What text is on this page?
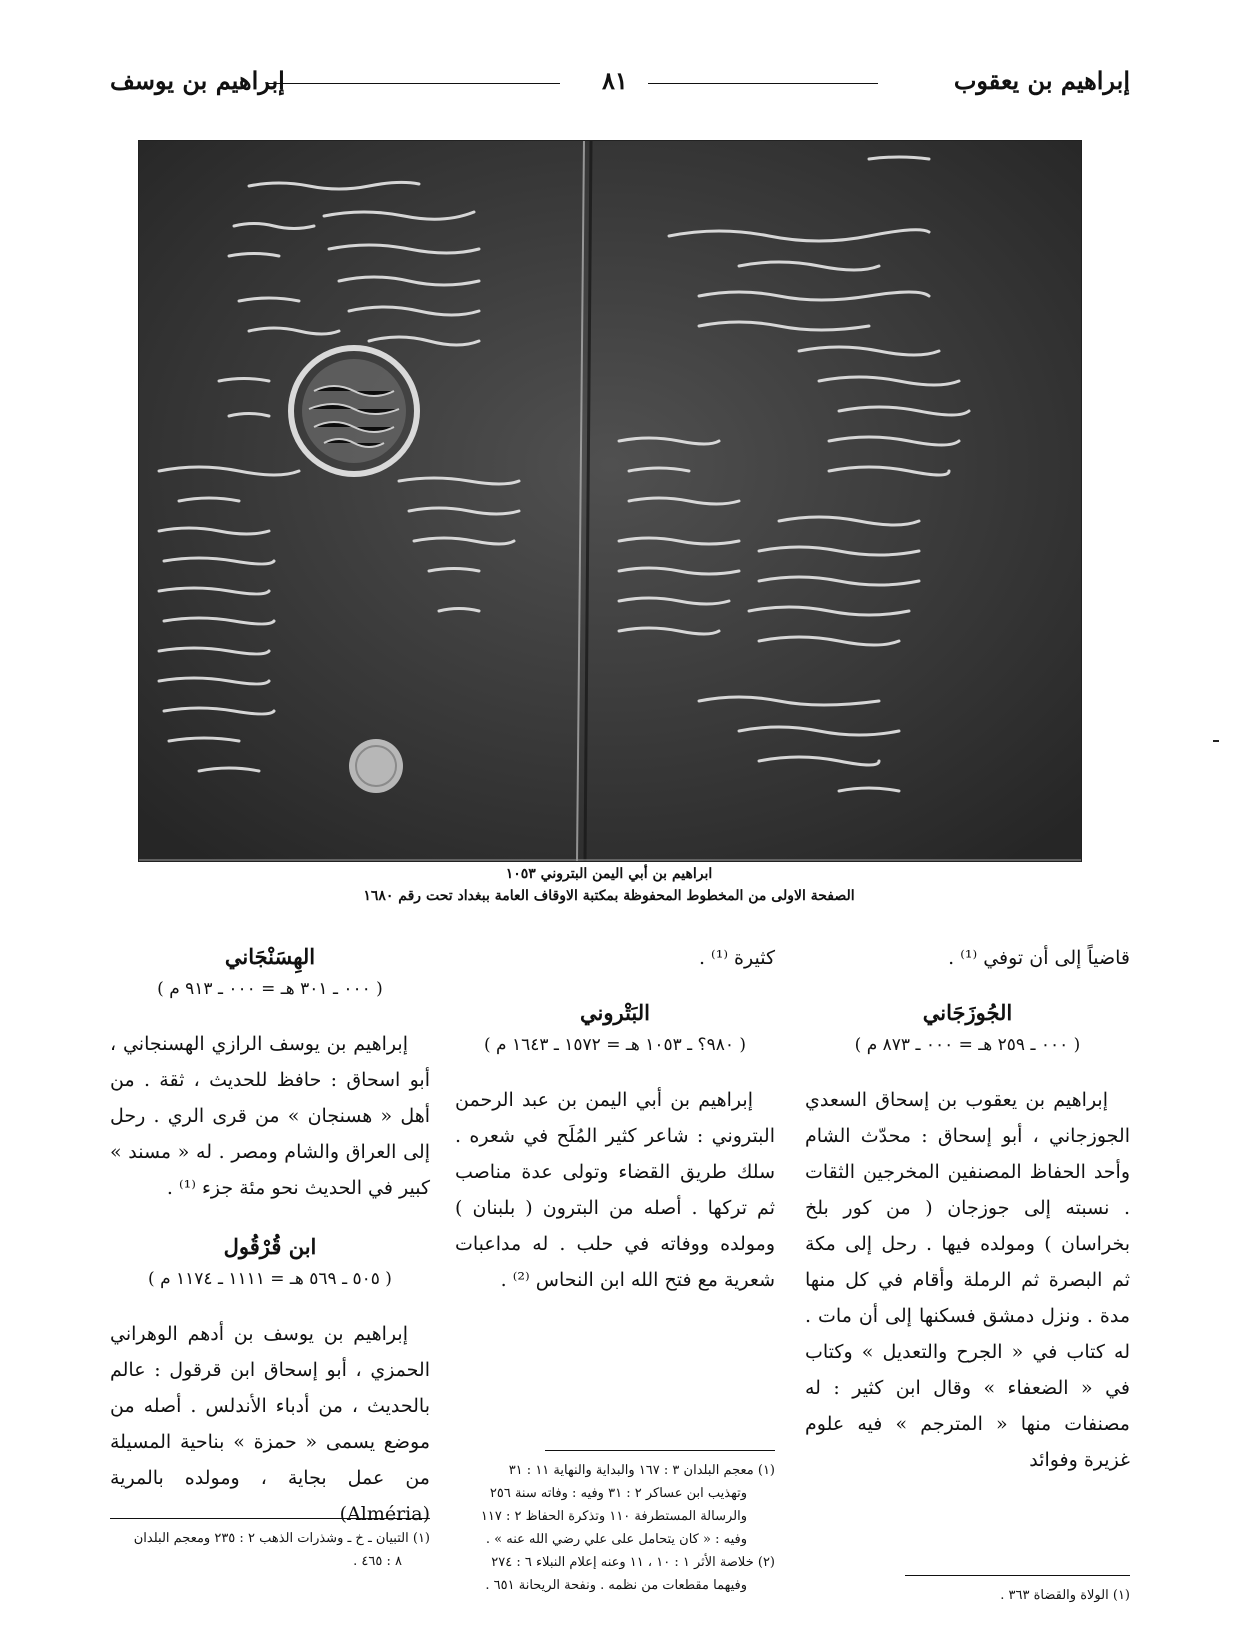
إبراهيم بن يعقوب
٨١
إبراهيم بن يوسف
ابراهيم بن أبي اليمن البتروني ١٠٥٣
الصفحة الاولى من المخطوط المحفوظة بمكتبة الاوقاف العامة ببغداد تحت رقم ١٦٨٠

قاضياً إلى أن توفي ⁽¹⁾ .

الجُوزَجَاني

( ٠٠٠ ـ ٢٥٩ هـ = ٠٠٠ ـ ٨٧٣ م )

إبراهيم بن يعقوب بن إسحاق السعدي الجوزجاني ، أبو إسحاق : محدّث الشام وأحد الحفاظ المصنفين المخرجين الثقات . نسبته إلى جوزجان ( من كور بلخ بخراسان ) ومولده فيها . رحل إلى مكة ثم البصرة ثم الرملة وأقام في كل منها مدة . ونزل دمشق فسكنها إلى أن مات . له كتاب في « الجرح والتعديل » وكتاب في « الضعفاء » وقال ابن كثير : له مصنفات منها « المترجم » فيه علوم غزيرة وفوائد

(١) الولاة والقضاة ٣٦٣ .

كثيرة ⁽¹⁾ .

البَتْروني

( ٩٨٠؟ ـ ١٠٥٣ هـ = ١٥٧٢ ـ ١٦٤٣ م )

إبراهيم بن أبي اليمن بن عبد الرحمن البتروني : شاعر كثير المُلَح في شعره . سلك طريق القضاء وتولى عدة مناصب ثم تركها . أصله من البترون ( بلبنان ) ومولده ووفاته في حلب . له مداعبات شعرية مع فتح الله ابن النحاس ⁽²⁾ .

(١) معجم البلدان ٣ : ١٦٧ والبداية والنهاية ١١ : ٣١

وتهذيب ابن عساكر ٢ : ٣١ وفيه : وفاته سنة ٢٥٦

والرسالة المستطرفة ١١٠ وتذكرة الحفاظ ٢ : ١١٧

وفيه : « كان يتحامل على علي رضي الله عنه » .

(٢) خلاصة الأثر ١ : ١٠ ، ١١ وعنه إعلام النبلاء ٦ : ٢٧٤

وفيهما مقطعات من نظمه . ونفحة الريحانة ٦٥١ .

الهِسَنْجَاني

( ٠٠٠ ـ ٣٠١ هـ = ٠٠٠ ـ ٩١٣ م )

إبراهيم بن يوسف الرازي الهسنجاني ، أبو اسحاق : حافظ للحديث ، ثقة . من أهل « هسنجان » من قرى الري . رحل إلى العراق والشام ومصر . له « مسند » كبير في الحديث نحو مئة جزء ⁽¹⁾ .

ابن قُرْقُول

( ٥٠٥ ـ ٥٦٩ هـ = ١١١١ ـ ١١٧٤ م )

إبراهيم بن يوسف بن أدهم الوهراني الحمزي ، أبو إسحاق ابن قرقول : عالم بالحديث ، من أدباء الأندلس . أصله من موضع يسمى « حمزة » بناحية المسيلة من عمل بجاية ، ومولده بالمرية (Alméria)

(١) التبيان ـ خ ـ وشذرات الذهب ٢ : ٢٣٥ ومعجم البلدان

٨ : ٤٦٥ .
